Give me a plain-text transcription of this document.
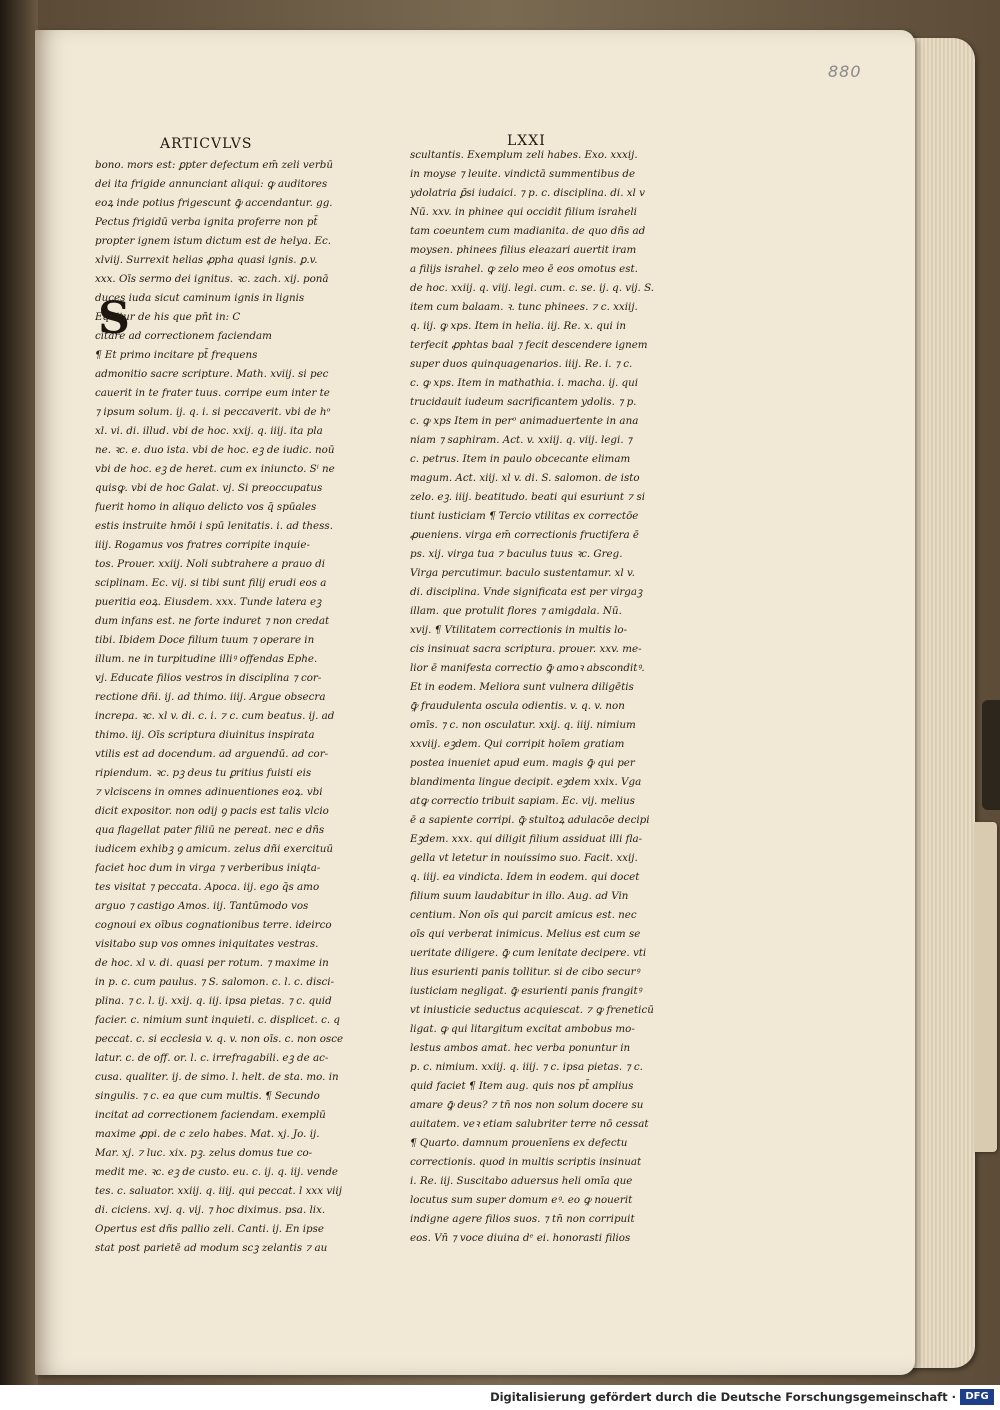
880
ARTICVLVS	LXXI
S
bono. mors est: ꝑpter defectum em̄ zeli verbū
dei ita frigide annunciant aliqui: ꝙ auditores
eoꝝ inde potius frigescunt ꝙ̄ accendantur. gg.
Pectus frigidū verba ignita proferre non pt̄
propter ignem istum dictum est de helya. Ec.
xlviij. Surrexit helias ꝓpha quasi ignis. ꝑ.v.
xxx. Oīs sermo dei ignitus. ꝛc. zach. xij. ponā
duces iuda sicut caminum ignis in lignis
Equitur de his que pn̄t in: C
citare ad correctionem faciendam
¶ Et primo incitare pt̄ frequens
admonitio sacre scripture. Math. xviij. si pec
cauerit in te frater tuus. corripe eum inter te
⁊ ipsum solum. ij. q. i. si peccaverit. vbi de hᵒ
xl. vi. di. illud. vbi de hoc. xxij. q. iiij. ita pla
ne. ꝛc. e. duo ista. vbi de hoc. eꝫ de iudic. noū
vbi de hoc. eꝫ de heret. cum ex iniuncto. Sⁱ ne
quisꝙ. vbi de hoc Galat. vj. Si preoccupatus
fuerit homo in aliquo delicto vos q̄ spūales
estis instruite hmōi i spū lenitatis. i. ad thess.
iiij. Rogamus vos fratres corripite inquie-
tos. Prouer. xxiij. Noli subtrahere a prauo di
sciplinam. Ec. vij. si tibi sunt filij erudi eos a
pueritia eoꝝ. Eiusdem. xxx. Tunde latera eꝫ
dum infans est. ne forte induret ⁊ non credat
tibi. Ibidem Doce filium tuum ⁊ operare in
illum. ne in turpitudine illiꝰ offendas Ephe.
vj. Educate filios vestros in disciplina ⁊ cor-
rectione dñi. ij. ad thimo. iiij. Argue obsecra
increpa. ꝛc. xl v. di. c. i. ⁊ c. cum beatus. ij. ad
thimo. iij. Oīs scriptura diuinitus inspirata
vtilis est ad docendum. ad arguendū. ad cor-
ripiendum. ꝛc. pꝫ deus tu ꝑritius fuisti eis
⁊ vlciscens in omnes adinuentiones eoꝝ. vbi
dicit expositor. non odij ꝯ pacis est talis vlcio
qua flagellat pater filiū ne pereat. nec e dñs
iudicem exhibꝫ ꝯ amicum. zelus dñi exercituū
faciet hoc dum in virga ⁊ verberibus iniqta-
tes visitat ⁊ peccata. Apoca. iij. ego q̄s amo
arguo ⁊ castigo Amos. iij. Tantūmodo vos
cognoui ex oībus cognationibus terre. ideirco
visitabo sup vos omnes iniquitates vestras.
de hoc. xl v. di. quasi per rotum. ⁊ maxime in
in p. c. cum paulus. ⁊ S. salomon. c. l. c. disci-
plina. ⁊ c. l. ij. xxij. q. iij. ipsa pietas. ⁊ c. quid
facier. c. nimium sunt inquieti. c. displicet. c. q
peccat. c. si ecclesia v. q. v. non oīs. c. non osce
latur. c. de off. or. l. c. irrefragabili. eꝫ de ac-
cusa. qualiter. ij. de simo. l. helt. de sta. mo. in
singulis. ⁊ c. ea que cum multis. ¶ Secundo
incitat ad correctionem faciendam. exemplū
maxime ꝓpi. de c zelo habes. Mat. xj. Jo. ij.
Mar. xj. ⁊ luc. xix. pꝫ. zelus domus tue co-
medit me. ꝛc. eꝫ de custo. eu. c. ij. q. iij. vende
tes. c. saluator. xxiij. q. iiij. qui peccat. l xxx viij
di. ciciens. xvj. q. vij. ⁊ hoc diximus. psa. lix.
Opertus est dñs pallio zeli. Canti. ij. En ipse
stat post parietē ad modum scꝫ zelantis ⁊ au
scultantis. Exemplum zeli habes. Exo. xxxij.
in moyse ⁊ leuite. vindictā summentibus de
ydolatria ꝑ̄si iudaici. ⁊ p. c. disciplina. di. xl v
Nū. xxv. in phinee qui occidit filium israheli
tam coeuntem cum madianita. de quo dñs ad
moysen. phinees filius eleazari auertit iram
a filijs israhel. ꝙ zelo meo ē eos omotus est.
de hoc. xxiij. q. viij. legi. cum. c. se. ij. q. vij. S.
item cum balaam. ꝛ. tunc phinees. ⁊ c. xxiij.
q. iij. ꝙ xps. Item in helia. iij. Re. x. qui in
terfecit ꝓphtas baal ⁊ fecit descendere ignem
super duos quinquagenarios. iiij. Re. i. ⁊ c.
c. ꝙ xps. Item in mathathia. i. macha. ij. qui
trucidauit iudeum sacrificantem ydolis. ⁊ p.
c. ꝙ xps Item in perᵒ animaduertente in ana
niam ⁊ saphiram. Act. v. xxiij. q. viij. legi. ⁊
c. petrus. Item in paulo obcecante elimam
magum. Act. xiij. xl v. di. S. salomon. de isto
zelo. eꝫ. iiij. beatitudo. beati qui esuriunt ⁊ si
tiunt iusticiam ¶ Tercio vtilitas ex correctōe
ꝓueniens. virga em̄ correctionis fructifera ē
ps. xij. virga tua ⁊ baculus tuus ꝛc. Greg.
Virga percutimur. baculo sustentamur. xl v.
di. disciplina. Vnde significata est per virgaꝫ
illam. que protulit flores ⁊ amigdala. Nū.
xvij. ¶ Vtilitatem correctionis in multis lo-
cis insinuat sacra scriptura. prouer. xxv. me-
lior ē manifesta correctio ꝙ̄ amoꝛ absconditꝰ.
Et in eodem. Meliora sunt vulnera diligētis
ꝙ̄ fraudulenta oscula odientis. v. q. v. non
omīs. ⁊ c. non osculatur. xxij. q. iiij. nimium
xxviij. eꝫdem. Qui corripit hoīem gratiam
postea inueniet apud eum. magis ꝙ̄ qui per
blandimenta lingue decipit. eꝫdem xxix. Vga
atꝙ correctio tribuit sapiam. Ec. vij. melius
ē a sapiente corripi. ꝙ̄ stultoꝝ adulacōe decipi
Eꝫdem. xxx. qui diligit filium assiduat illi fla-
gella vt letetur in nouissimo suo. Facit. xxij.
q. iiij. ea vindicta. Idem in eodem. qui docet
filium suum laudabitur in illo. Aug. ad Vin
centium. Non oīs qui parcit amicus est. nec
oīs qui verberat inimicus. Melius est cum se
ueritate diligere. ꝙ̄ cum lenitate decipere. vti
lius esurienti panis tollitur. si de cibo securꝰ
iusticiam negligat. ꝙ̄ esurienti panis frangitꝰ
vt iniusticie seductus acquiescat. ⁊ ꝙ freneticū
ligat. ꝙ qui litargitum excitat ambobus mo-
lestus ambos amat. hec verba ponuntur in
p. c. nimium. xxiij. q. iiij. ⁊ c. ipsa pietas. ⁊ c.
quid faciet ¶ Item aug. quis nos pt̄ amplius
amare ꝙ̄ deus? ⁊ tn̄ nos non solum docere su
auitatem. veꝛ etiam salubriter terre nō cessat
¶ Quarto. damnum prouenīens ex defectu
correctionis. quod in multis scriptis insinuat
i. Re. iij. Suscitabo aduersus heli omīa que
locutus sum super domum eꝰ. eo ꝙ nouerit
indigne agere filios suos. ⁊ tn̄ non corripuit
eos. Vn̄ ⁊ voce diuina dᵉ ei. honorasti filios
Digitalisierung gefördert durch die Deutsche Forschungsgemeinschaft · DFG
